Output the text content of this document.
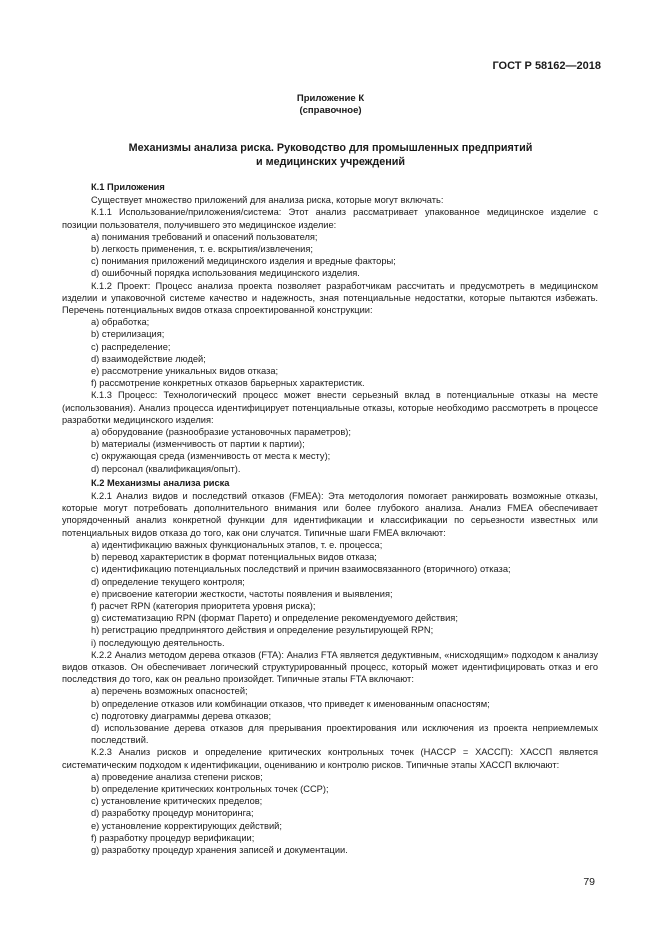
ГОСТ Р 58162—2018
Приложение К
(справочное)
Механизмы анализа риска. Руководство для промышленных предприятий
и медицинских учреждений

К.1 Приложения

Существует множество приложений для анализа риска, которые могут включать:

К.1.1 Использование/приложения/система: Этот анализ рассматривает упакованное медицинское изделие с позиции пользователя, получившего это медицинское изделие:

a) понимания требований и опасений пользователя;

b) легкость применения, т. е. вскрытия/извлечения;

c) понимания приложений медицинского изделия и вредные факторы;

d) ошибочный порядка использования медицинского изделия.

К.1.2 Проект: Процесс анализа проекта позволяет разработчикам рассчитать и предусмотреть в медицинском изделии и упаковочной системе качество и надежность, зная потенциальные недостатки, которые пытаются избежать. Перечень потенциальных видов отказа спроектированной конструкции:

a) обработка;

b) стерилизация;

c) распределение;

d) взаимодействие людей;

e) рассмотрение уникальных видов отказа;

f) рассмотрение конкретных отказов барьерных характеристик.

К.1.3 Процесс: Технологический процесс может внести серьезный вклад в потенциальные отказы на месте (использования). Анализ процесса идентифицирует потенциальные отказы, которые необходимо рассмотреть в процессе разработки медицинского изделия:

a) оборудование (разнообразие установочных параметров);

b) материалы (изменчивость от партии к партии);

c) окружающая среда (изменчивость от места к месту);

d) персонал (квалификация/опыт).

К.2 Механизмы анализа риска

К.2.1 Анализ видов и последствий отказов (FMEA): Эта методология помогает ранжировать возможные отказы, которые могут потребовать дополнительного внимания или более глубокого анализа. Анализ FMEA обеспечивает упорядоченный анализ конкретной функции для идентификации и классификации по серьезности известных или потенциальных видов отказа до того, как они случатся. Типичные шаги FMEA включают:

a) идентификацию важных функциональных этапов, т. е. процесса;

b) перевод характеристик в формат потенциальных видов отказа;

c) идентификацию потенциальных последствий и причин взаимосвязанного (вторичного) отказа;

d) определение текущего контроля;

e) присвоение категории жесткости, частоты появления и выявления;

f) расчет RPN (категория приоритета уровня риска);

g) систематизацию RPN (формат Парето) и определение рекомендуемого действия;

h) регистрацию предпринятого действия и определение результирующей RPN;

i) последующую деятельность.

К.2.2 Анализ методом дерева отказов (FTA): Анализ FTA является дедуктивным, «нисходящим» подходом к анализу видов отказов. Он обеспечивает логический структурированный процесс, который может идентифицировать отказ и его последствия до того, как он реально произойдет. Типичные этапы FTA включают:

a) перечень возможных опасностей;

b) определение отказов или комбинации отказов, что приведет к именованным опасностям;

c) подготовку диаграммы дерева отказов;

d) использование дерева отказов для прерывания проектирования или исключения из проекта неприемлемых последствий.

К.2.3 Анализ рисков и определение критических контрольных точек (HACCP = ХАССП): ХАССП является систематическим подходом к идентификации, оцениванию и контролю рисков. Типичные этапы ХАССП включают:

a) проведение анализа степени рисков;

b) определение критических контрольных точек (ССР);

c) установление критических пределов;

d) разработку процедур мониторинга;

e) установление корректирующих действий;

f) разработку процедур верификации;

g) разработку процедур хранения записей и документации.

79
